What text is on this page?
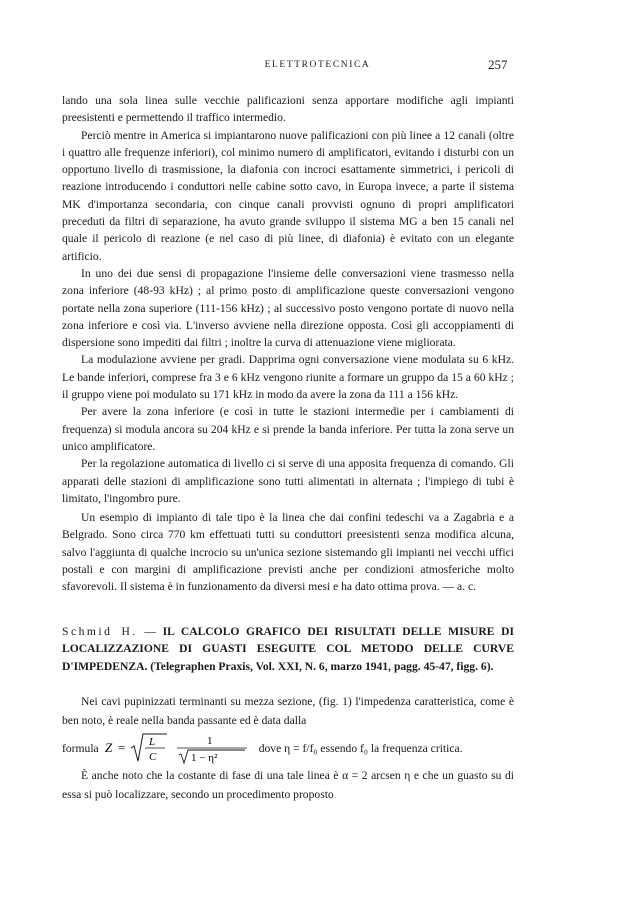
ELETTROTECNICA	257

lando una sola linea sulle vecchie palificazioni senza apportare modifiche agli impianti preesistenti e permettendo il traffico intermedio.

Perciò mentre in America si impiantarono nuove palificazioni con più linee a 12 canali (oltre i quattro alle frequenze inferiori), col minimo numero di amplificatori, evitando i disturbi con un opportuno livello di trasmissione, la diafonia con incroci esattamente simmetrici, i pericoli di reazione introducendo i conduttori nelle cabine sotto cavo, in Europa invece, a parte il sistema MK d'importanza secondaria, con cinque canali provvisti ognuno di propri amplificatori preceduti da filtri di separazione, ha avuto grande sviluppo il sistema MG a ben 15 canali nel quale il pericolo di reazione (e nel caso di più linee, di diafonia) è evitato con un elegante artificio.

In uno dei due sensi di propagazione l'insieme delle conversazioni viene trasmesso nella zona inferiore (48-93 kHz) ; al primo posto di amplificazione queste conversazioni vengono portate nella zona superiore (111-156 kHz) ; al successivo posto vengono portate di nuovo nella zona inferiore e così via. L'inverso avviene nella direzione opposta. Così gli accoppiamenti di dispersione sono impediti dai filtri ; inoltre la curva di attenuazione viene migliorata.

La modulazione avviene per gradi. Dapprima ogni conversazione viene modulata su 6 kHz. Le bande inferiori, comprese fra 3 e 6 kHz vengono riunite a formare un gruppo da 15 a 60 kHz ; il gruppo viene poi modulato su 171 kHz in modo da avere la zona da 111 a 156 kHz.

Per avere la zona inferiore (e così in tutte le stazioni intermedie per i cambiamenti di frequenza) si modula ancora su 204 kHz e si prende la banda inferiore. Per tutta la zona serve un unico amplificatore.

Per la regolazione automatica di livello ci si serve di una apposita frequenza di comando. Gli apparati delle stazioni di amplificazione sono tutti alimentati in alternata ; l'impiego di tubi è limitato, l'ingombro pure.

Un esempio di impianto di tale tipo è la linea che dai confini tedeschi va a Zagabria e a Belgrado. Sono circa 770 km effettuati tutti su conduttori preesistenti senza modifica alcuna, salvo l'aggiunta di qualche incrocio su un'unica sezione sistemando gli impianti nei vecchi uffici postali e con margini di amplificazione previsti anche per condizioni atmosferiche molto sfavorevoli. Il sistema è in funzionamento da diversi mesi e ha dato ottima prova. — a. c.

Schmid H. — IL CALCOLO GRAFICO DEI RISULTATI DELLE MISURE DI LOCALIZZAZIONE DI GUASTI ESEGUITE COL METODO DELLE CURVE D'IMPEDENZA. (Telegraphen Praxis, Vol. XXI, N. 6, marzo 1941, pagg. 45-47, figg. 6).

Nei cavi pupinizzati terminanti su mezza sezione, (fig. 1) l'impedenza caratteristica, come è ben noto, è reale nella banda passante ed è data dalla

formula Z = L
C
1
1 − η²
dove η = f/f₀ essendo f₀ la frequenza critica.

È anche noto che la costante di fase di una tale linea è α = 2 arcsen η e che un guasto su di essa si può localizzare, secondo un procedimento proposto
